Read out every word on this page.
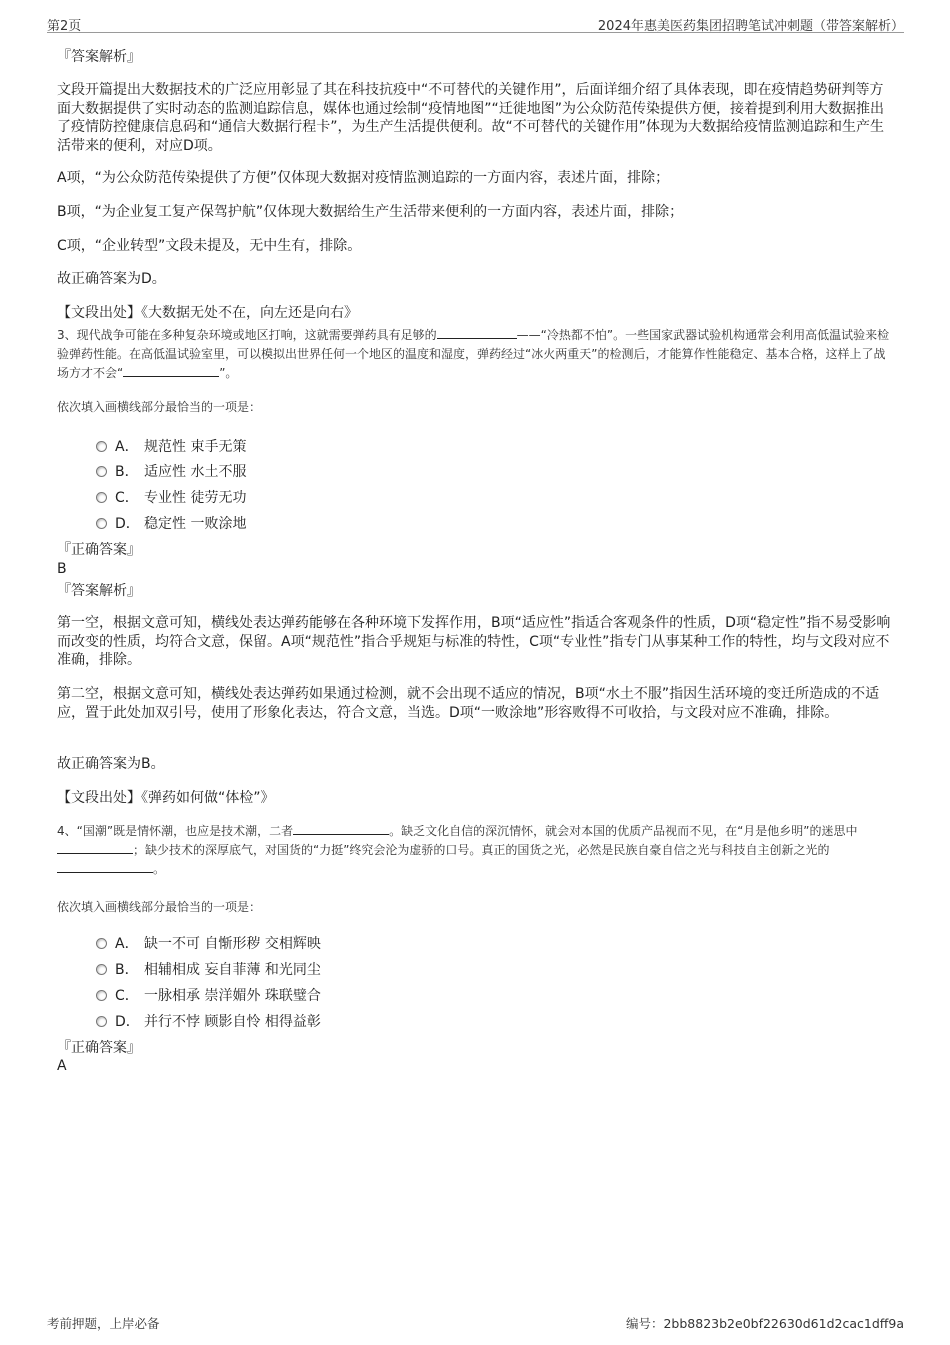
第2页	2024年惠美医药集团招聘笔试冲刺题（带答案解析）
『答案解析』
文段开篇提出大数据技术的广泛应用彰显了其在科技抗疫中“不可替代的关键作用”，后面详细介绍了具体表现，即在疫情趋势研判等方面大数据提供了实时动态的监测追踪信息，媒体也通过绘制“疫情地图”“迁徙地图”为公众防范传染提供方便，接着提到利用大数据推出了疫情防控健康信息码和“通信大数据行程卡”，为生产生活提供便利。故“不可替代的关键作用”体现为大数据给疫情监测追踪和生产生活带来的便利，对应D项。
A项，“为公众防范传染提供了方便”仅体现大数据对疫情监测追踪的一方面内容，表述片面，排除；
B项，“为企业复工复产保驾护航”仅体现大数据给生产生活带来便利的一方面内容，表述片面，排除；
C项，“企业转型”文段未提及，无中生有，排除。
故正确答案为D。
【文段出处】《大数据无处不在，向左还是向右》
3、现代战争可能在多种复杂环境或地区打响，这就需要弹药具有足够的	——“冷热都不怕”。一些国家武器试验机构通常会利用高低温试验来检验弹药性能。在高低温试验室里，可以模拟出世界任何一个地区的温度和湿度，弹药经过“冰火两重天”的检测后，才能算作性能稳定、基本合格，这样上了战场方才不会“	”。
依次填入画横线部分最恰当的一项是：
A． 规范性 束手无策
B． 适应性 水土不服
C． 专业性 徒劳无功
D． 稳定性 一败涂地
『正确答案』
B
『答案解析』
第一空，根据文意可知，横线处表达弹药能够在各种环境下发挥作用，B项“适应性”指适合客观条件的性质，D项“稳定性”指不易受影响而改变的性质，均符合文意，保留。A项“规范性”指合乎规矩与标准的特性，C项“专业性”指专门从事某种工作的特性，均与文段对应不准确，排除。
第二空，根据文意可知，横线处表达弹药如果通过检测，就不会出现不适应的情况，B项“水土不服”指因生活环境的变迁所造成的不适应，置于此处加双引号，使用了形象化表达，符合文意，当选。D项“一败涂地”形容败得不可收拾，与文段对应不准确，排除。
故正确答案为B。
【文段出处】《弹药如何做“体检”》
4、“国潮”既是情怀潮，也应是技术潮，二者	。缺乏文化自信的深沉情怀，就会对本国的优质产品视而不见，在“月是他乡明”的迷思中；缺少技术的深厚底气，对国货的“力挺”终究会沦为虚骄的口号。真正的国货之光，必然是民族自豪自信之光与科技自主创新之光的。
依次填入画横线部分最恰当的一项是：
A． 缺一不可 自惭形秽 交相辉映
B． 相辅相成 妄自菲薄 和光同尘
C． 一脉相承 崇洋媚外 珠联璧合
D． 并行不悖 顾影自怜 相得益彰
『正确答案』
A
考前押题，上岸必备	编号：2bb8823b2e0bf22630d61d2cac1dff9a
